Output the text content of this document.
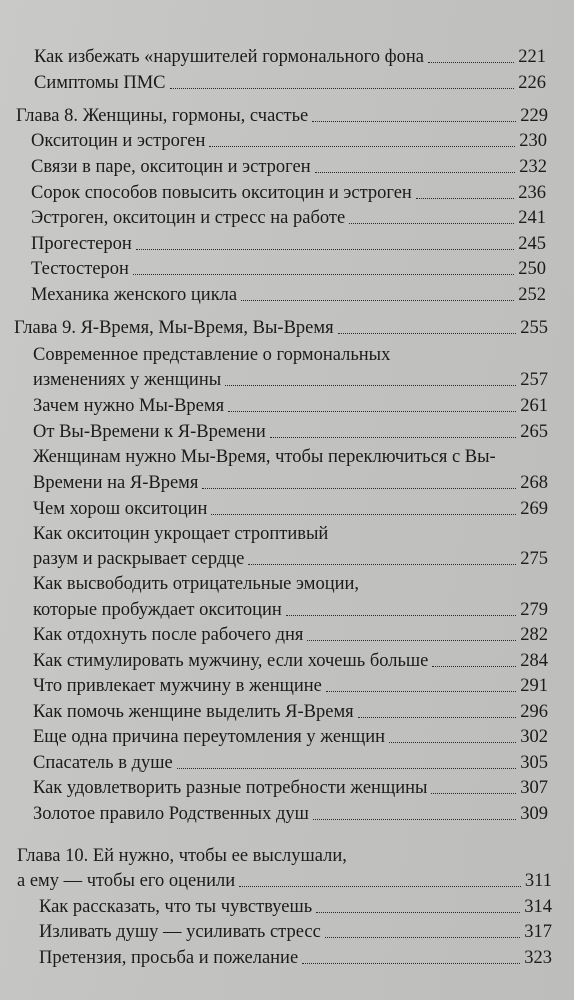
Как избежать «нарушителей гормонального фона	221
Симптомы ПМС	226
Глава 8. Женщины, гормоны, счастье	229
Окситоцин и эстроген	230
Связи в паре, окситоцин и эстроген	232
Сорок способов повысить окситоцин и эстроген	236
Эстроген, окситоцин и стресс на работе	241
Прогестерон	245
Тестостерон	250
Механика женского цикла	252
Глава 9. Я-Время, Мы-Время, Вы-Время	255
Современное представление о гормональных
изменениях у женщины	257
Зачем нужно Мы-Время	261
От Вы-Времени к Я-Времени	265
Женщинам нужно Мы-Время, чтобы переключиться с Вы-
Времени на Я-Время	268
Чем хорош окситоцин	269
Как окситоцин укрощает строптивый
разум и раскрывает сердце	275
Как высвободить отрицательные эмоции,
которые пробуждает окситоцин	279
Как отдохнуть после рабочего дня	282
Как стимулировать мужчину, если хочешь больше	284
Что привлекает мужчину в женщине	291
Как помочь женщине выделить Я-Время	296
Еще одна причина переутомления у женщин	302
Спасатель в душе	305
Как удовлетворить разные потребности женщины	307
Золотое правило Родственных душ	309
Глава 10. Ей нужно, чтобы ее выслушали,
а ему — чтобы его оценили	311
Как рассказать, что ты чувствуешь	314
Изливать душу — усиливать стресс	317
Претензия, просьба и пожелание	323
